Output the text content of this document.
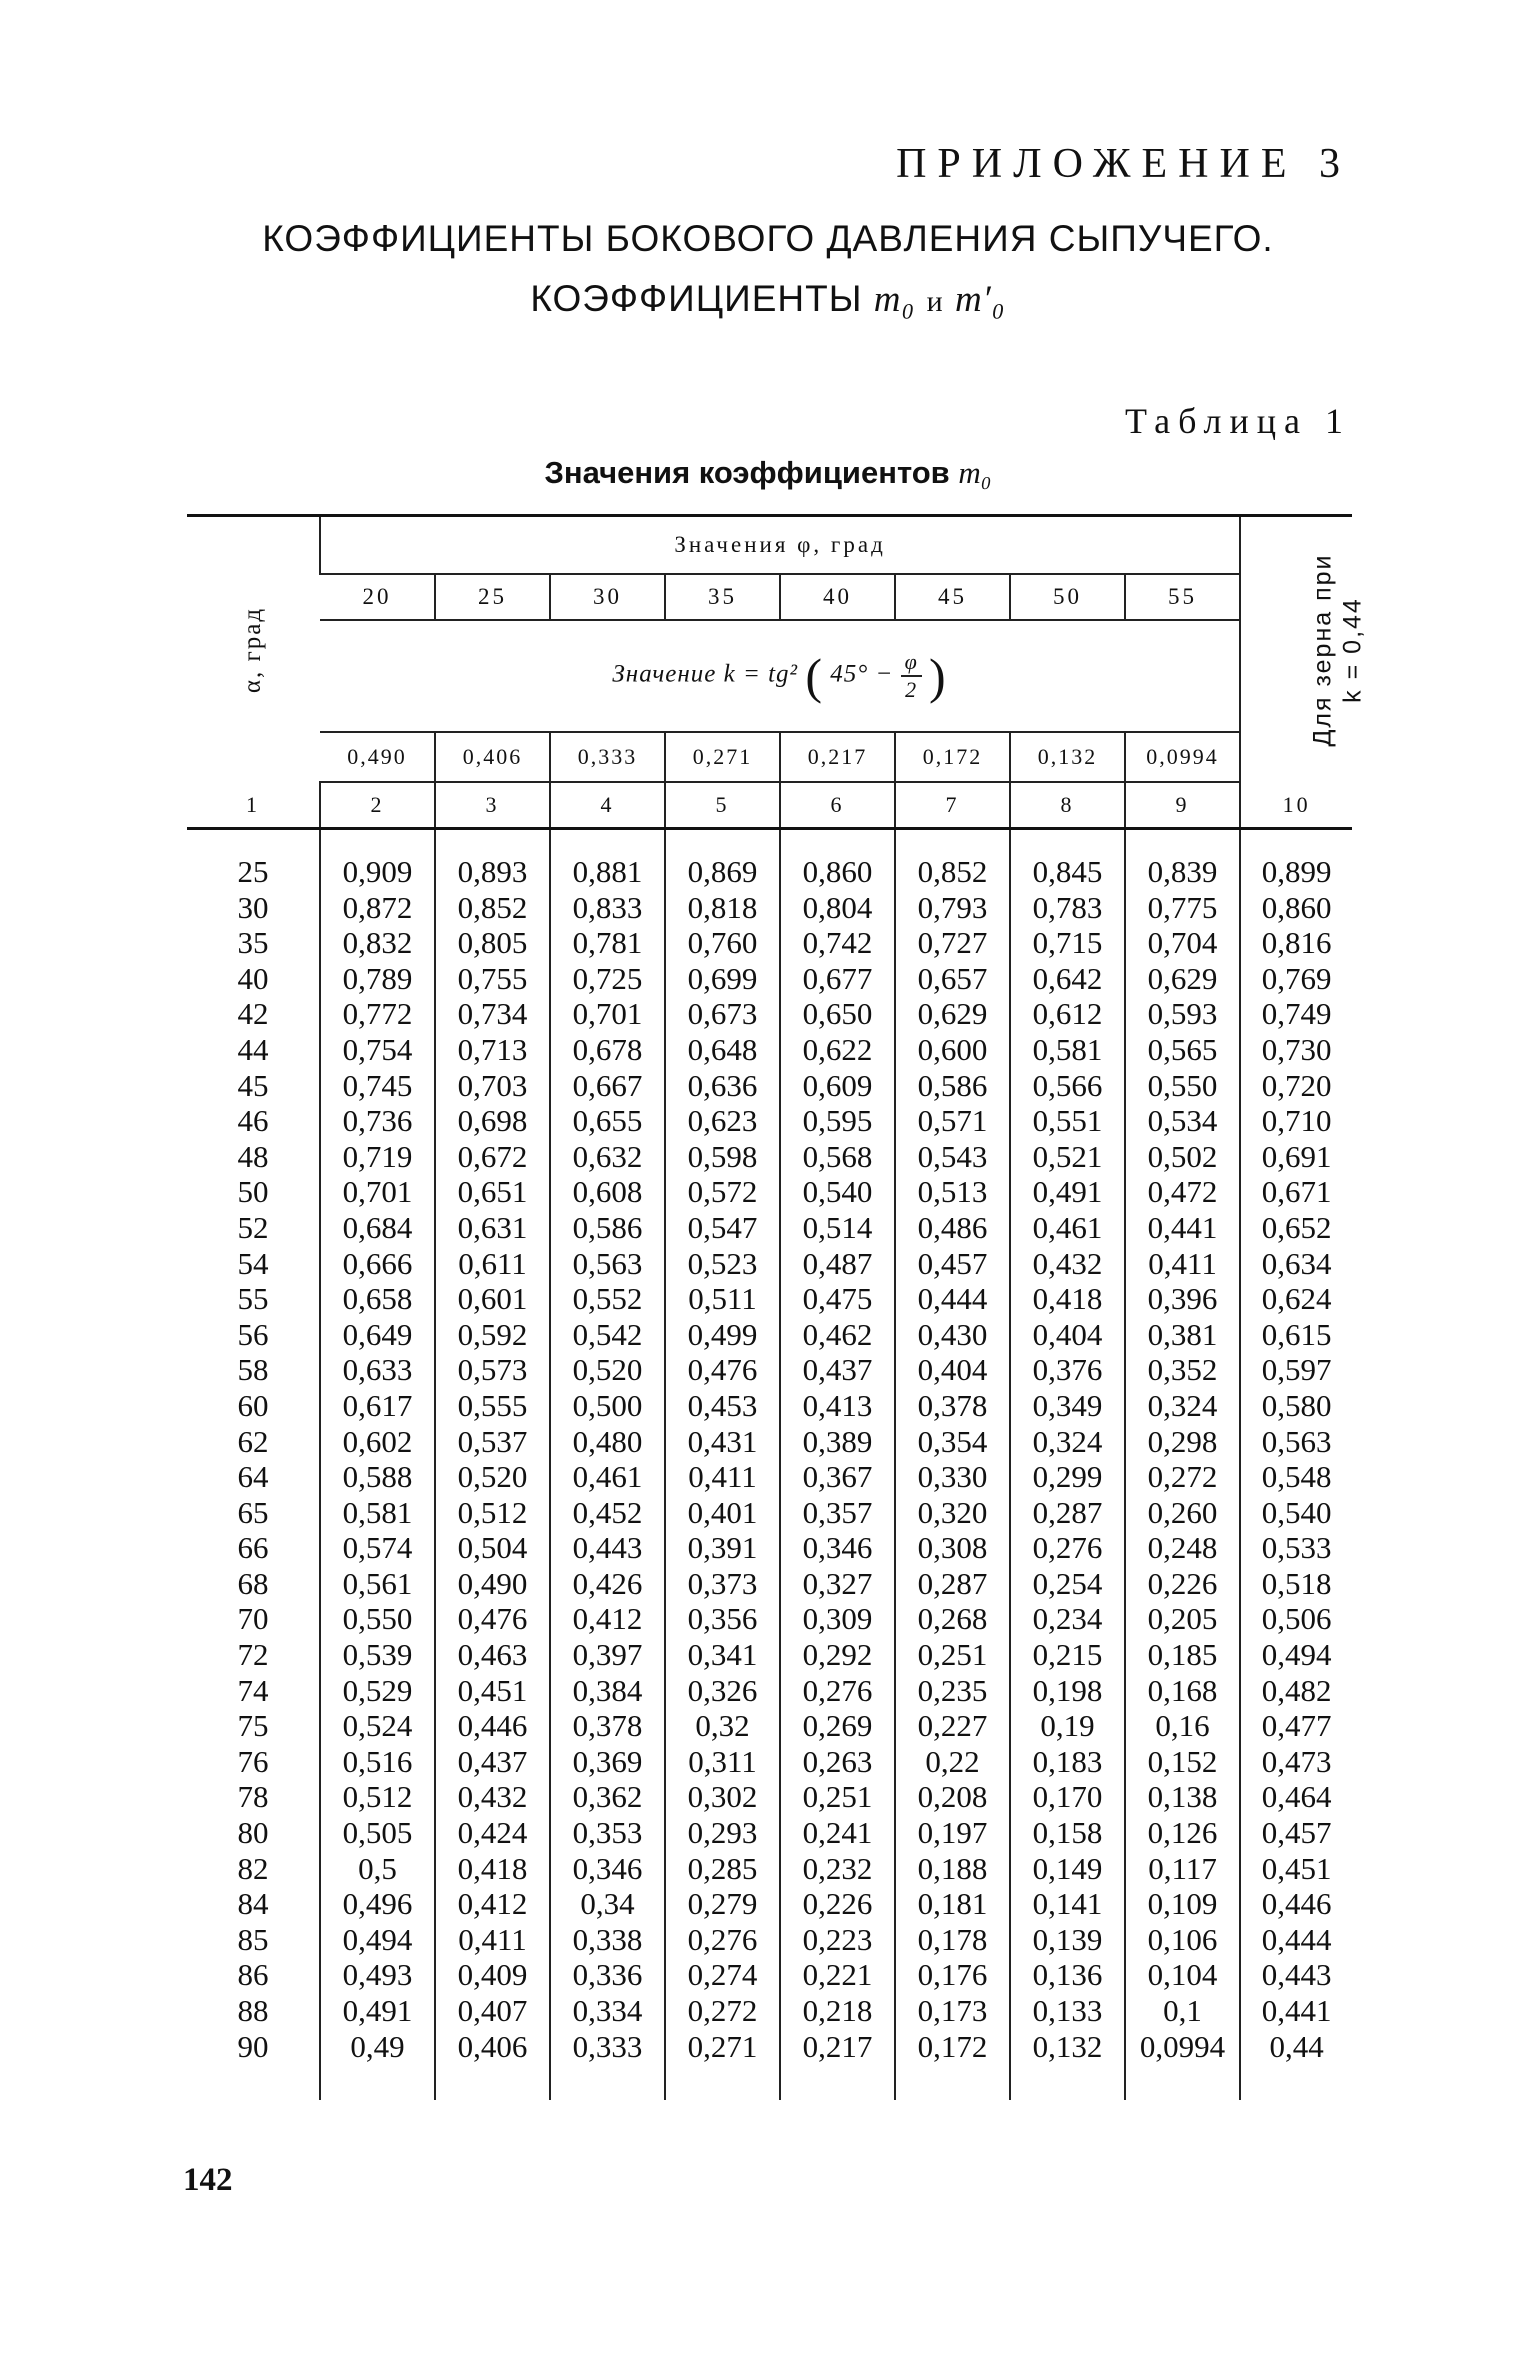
ПРИЛОЖЕНИЕ 3
КОЭФФИЦИЕНТЫ БОКОВОГО ДАВЛЕНИЯ СЫПУЧЕГО.
КОЭФФИЦИЕНТЫ m₀ и m′₀
Таблица 1
Значения коэффициентов m₀
α, град	Значения φ, град								Для зерна при
k = 0,44
	20	25	30	35	40	45	50	55	
	Значение k = tg² ( $45^\circ - \frac{\varphi}{2}$ )								
	0,490	0,406	0,333	0,271	0,217	0,172	0,132	0,0994	
1	2	3	4	5	6	7	8	9	10

25	0,909	0,893	0,881	0,869	0,860	0,852	0,845	0,839	0,899
30	0,872	0,852	0,833	0,818	0,804	0,793	0,783	0,775	0,860
35	0,832	0,805	0,781	0,760	0,742	0,727	0,715	0,704	0,816
40	0,789	0,755	0,725	0,699	0,677	0,657	0,642	0,629	0,769
42	0,772	0,734	0,701	0,673	0,650	0,629	0,612	0,593	0,749
44	0,754	0,713	0,678	0,648	0,622	0,600	0,581	0,565	0,730
45	0,745	0,703	0,667	0,636	0,609	0,586	0,566	0,550	0,720
46	0,736	0,698	0,655	0,623	0,595	0,571	0,551	0,534	0,710
48	0,719	0,672	0,632	0,598	0,568	0,543	0,521	0,502	0,691
50	0,701	0,651	0,608	0,572	0,540	0,513	0,491	0,472	0,671
52	0,684	0,631	0,586	0,547	0,514	0,486	0,461	0,441	0,652
54	0,666	0,611	0,563	0,523	0,487	0,457	0,432	0,411	0,634
55	0,658	0,601	0,552	0,511	0,475	0,444	0,418	0,396	0,624
56	0,649	0,592	0,542	0,499	0,462	0,430	0,404	0,381	0,615
58	0,633	0,573	0,520	0,476	0,437	0,404	0,376	0,352	0,597
60	0,617	0,555	0,500	0,453	0,413	0,378	0,349	0,324	0,580
62	0,602	0,537	0,480	0,431	0,389	0,354	0,324	0,298	0,563
64	0,588	0,520	0,461	0,411	0,367	0,330	0,299	0,272	0,548
65	0,581	0,512	0,452	0,401	0,357	0,320	0,287	0,260	0,540
66	0,574	0,504	0,443	0,391	0,346	0,308	0,276	0,248	0,533
68	0,561	0,490	0,426	0,373	0,327	0,287	0,254	0,226	0,518
70	0,550	0,476	0,412	0,356	0,309	0,268	0,234	0,205	0,506
72	0,539	0,463	0,397	0,341	0,292	0,251	0,215	0,185	0,494
74	0,529	0,451	0,384	0,326	0,276	0,235	0,198	0,168	0,482
75	0,524	0,446	0,378	0,32	0,269	0,227	0,19	0,16	0,477
76	0,516	0,437	0,369	0,311	0,263	0,22	0,183	0,152	0,473
78	0,512	0,432	0,362	0,302	0,251	0,208	0,170	0,138	0,464
80	0,505	0,424	0,353	0,293	0,241	0,197	0,158	0,126	0,457
82	0,5	0,418	0,346	0,285	0,232	0,188	0,149	0,117	0,451
84	0,496	0,412	0,34	0,279	0,226	0,181	0,141	0,109	0,446
85	0,494	0,411	0,338	0,276	0,223	0,178	0,139	0,106	0,444
86	0,493	0,409	0,336	0,274	0,221	0,176	0,136	0,104	0,443
88	0,491	0,407	0,334	0,272	0,218	0,173	0,133	0,1	0,441
90	0,49	0,406	0,333	0,271	0,217	0,172	0,132	0,0994	0,44

142
